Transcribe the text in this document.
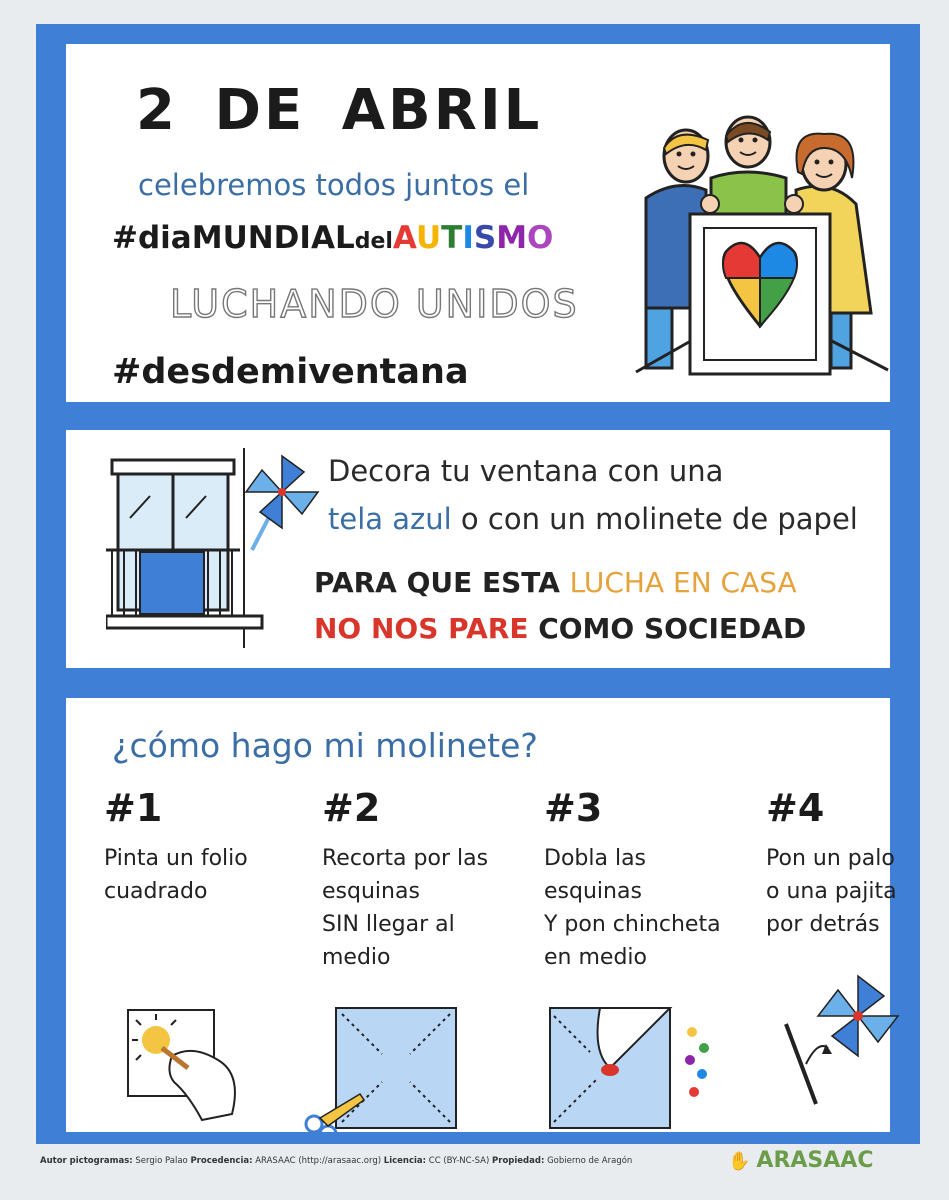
2 DE ABRIL
celebremos todos juntos el
#diaMUNDIALdelAUTISMO
LUCHANDO UNIDOS
#desdemiventana
Decora tu ventana con una
tela azul o con un molinete de papel
PARA QUE ESTA LUCHA EN CASA
NO NOS PARE COMO SOCIEDAD
¿cómo hago mi molinete?
#1
Pinta un folio
cuadrado
#2
Recorta por las
esquinas
SIN llegar al
medio
#3
Dobla las
esquinas
Y pon chincheta
en medio
#4
Pon un palo
o una pajita
por detrás
Autor pictogramas: Sergio Palao Procedencia: ARASAAC (http://arasaac.org) Licencia: CC (BY-NC-SA) Propiedad: Gobierno de Aragón	✋ ARASAAC
